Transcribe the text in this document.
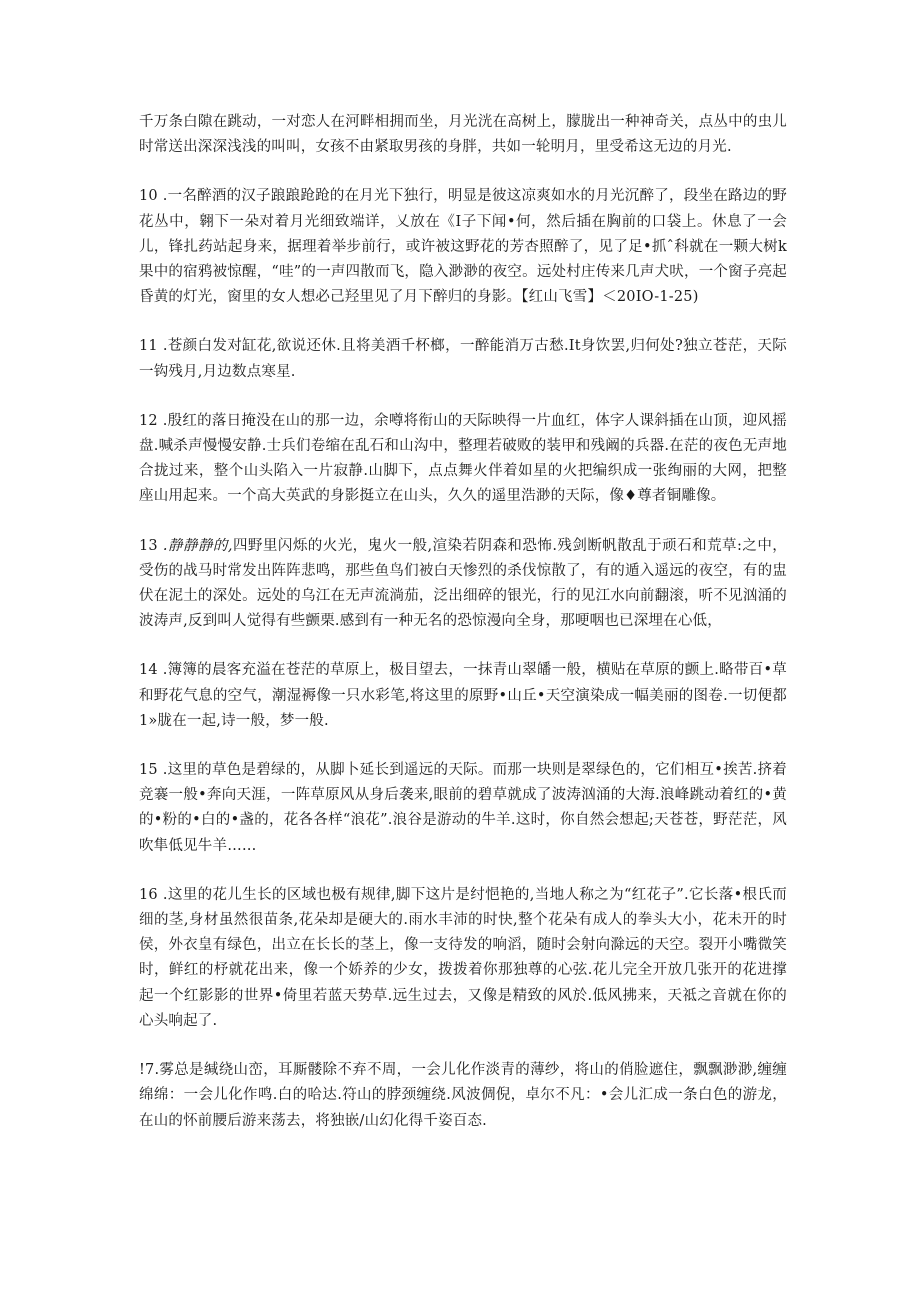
千万条白隙在跳动，一对恋人在河畔相拥而坐，月光洸在高树上，朦胧出一种神奇关，点丛中的虫儿时常送出深深浅浅的叫叫，女孩不由紧取男孩的身胖，共如一轮明月，里受希这无边的月光.

10 .一名醉酒的汉子踉踉跄跄的在月光下独行，明显是彼这凉爽如水的月光沉醉了，段坐在路边的野花丛中，翱下一朵对着月光细致端详，乂放在《I子下闻•何，然后插在胸前的口袋上。休息了一会儿，锋扎药站起身来，据理着举步前行，或许被这野花的芳杏照醉了，见了足•抓ˆ科就在一颗大树k果中的宿鸦被惊醒，“哇”的一声四散而飞，隐入渺渺的夜空。远处村庄传来几声犬吠，一个窗子亮起昏黄的灯光，窗里的女人想必己羟里见了月下醉归的身影。【红山飞雪】＜20IO-1-25)

11 .苍颜白发对缸花,欲说还休.且将美酒千杯榔，一醉能消万古愁.It身饮罢,归何处?独立苍茫，天际一钩残月,月边数点寒星.

12 .殷红的落日掩没在山的那一边，余噂将衔山的天际映得一片血红，体字人课斜插在山顶，迎风摇盘.喊杀声慢慢安静.士兵们卷缩在乱石和山沟中，整理若破败的装甲和残阚的兵器.在茫的夜色无声地合拢过来，整个山头陷入一片寂静.山脚下，点点舞火伴着如星的火把编织成一张绚丽的大网，把整座山用起来。一个高大英武的身影挺立在山头，久久的遥里浩渺的天际，像♦尊者铜雕像。

13 .静静静的,四野里闪烁的火光，鬼火一般,渲染若阴森和恐怖.残剑断帆散乱于顽石和荒草:之中，受伤的战马时常发出阵阵悲鸣，那些鱼鸟们被白天惨烈的杀伐惊散了，有的遁入遥远的夜空，有的盅伏在泥土的深处。远处的乌江在无声流淌茄，泛出细碎的银光，行的见江水向前翻滚，听不见汹涌的波涛声,反到叫人觉得有些颤栗.感到有一种无名的恐惊漫向全身，那哽咽也已深埋在心低，

14 .簿簿的晨客充溢在苍茫的草原上，极目望去，一抹青山翠皤一般，横贴在草原的颤上.略带百•草和野花气息的空气，潮湿褥像一只水彩笔,将这里的原野•山丘•天空演染成一幅美丽的图卷.一切便都1»胧在一起,诗一般，梦一般.

15 .这里的草色是碧绿的，从脚卜延长到遥远的天际。而那一块则是翠绿色的，它们相互•挨苦.挤着竞褰一般•奔向天涯，一阵草原风从身后袭来,眼前的碧草就成了波涛汹涌的大海.浪峰跳动着红的•黄的•粉的•白的•盏的，花各各样“浪花”.浪谷是游动的牛羊.这时，你自然会想起;天苍苍，野茫茫，风吹隼低见牛羊……

16 .这里的花儿生长的区域也极有规律,脚下这片是纣悒艳的,当地人称之为“红花子”.它长落•根氏而细的茎,身材虽然很苗条,花朵却是硬大的.雨水丰沛的时快,整个花朵有成人的拳头大小，花未开的时侯，外衣皇有绿色，出立在长长的茎上，像一支待发的响滔，随时会射向滁远的天空。裂开小嘴微笑时，鲜红的杼就花出来，像一个娇养的少女，拨拨着你那独尊的心弦.花儿完全开放几张开的花进撑起一个红影影的世界•倚里若蓝天势草.远生过去，又像是精致的风於.低风拂来，天祗之音就在你的心头响起了.

!7.雾总是缄绕山峦，耳厮髅除不弃不周，一会儿化作淡青的薄纱，将山的俏脸遮住，飘飘渺渺,缠缠绵绵：一会儿化作鸣.白的哈达.符山的脖颈缠绕.风波倜倪，卓尔不凡：•会儿汇成一条白色的游龙，在山的怀前腰后游来荡去，将独嵌/山幻化得千姿百态.
